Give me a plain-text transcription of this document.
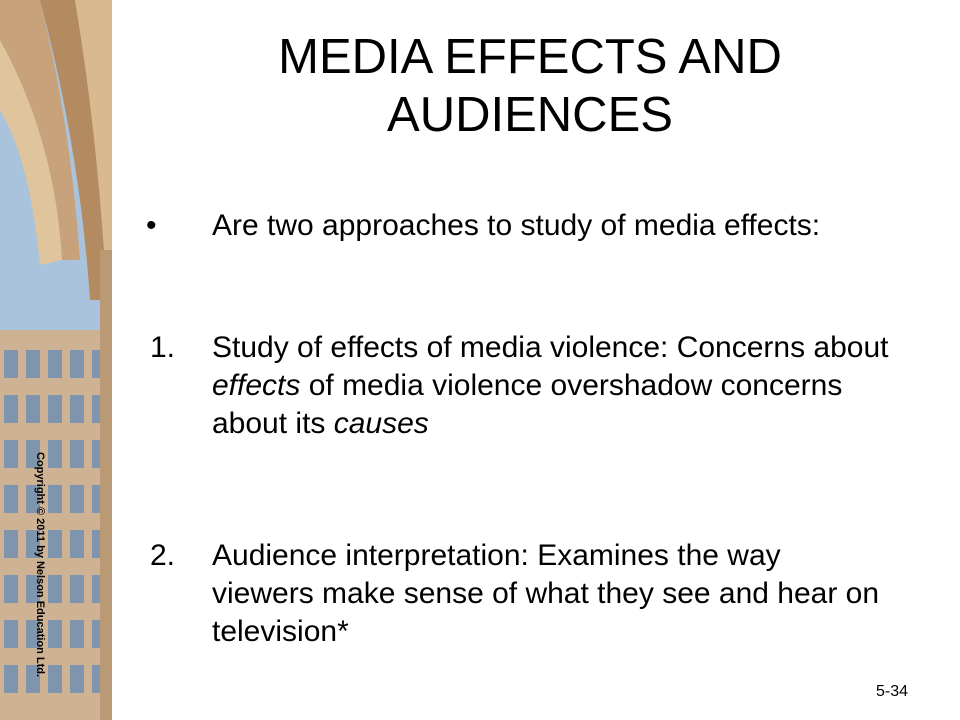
Copyright © 2011 by Nelson Education Ltd.
MEDIA EFFECTS AND AUDIENCES
• Are two approaches to study of media effects:
1. Study of effects of media violence: Concerns about effects of media violence overshadow concerns about its causes
2. Audience interpretation: Examines the way viewers make sense of what they see and hear on television*
5-34
